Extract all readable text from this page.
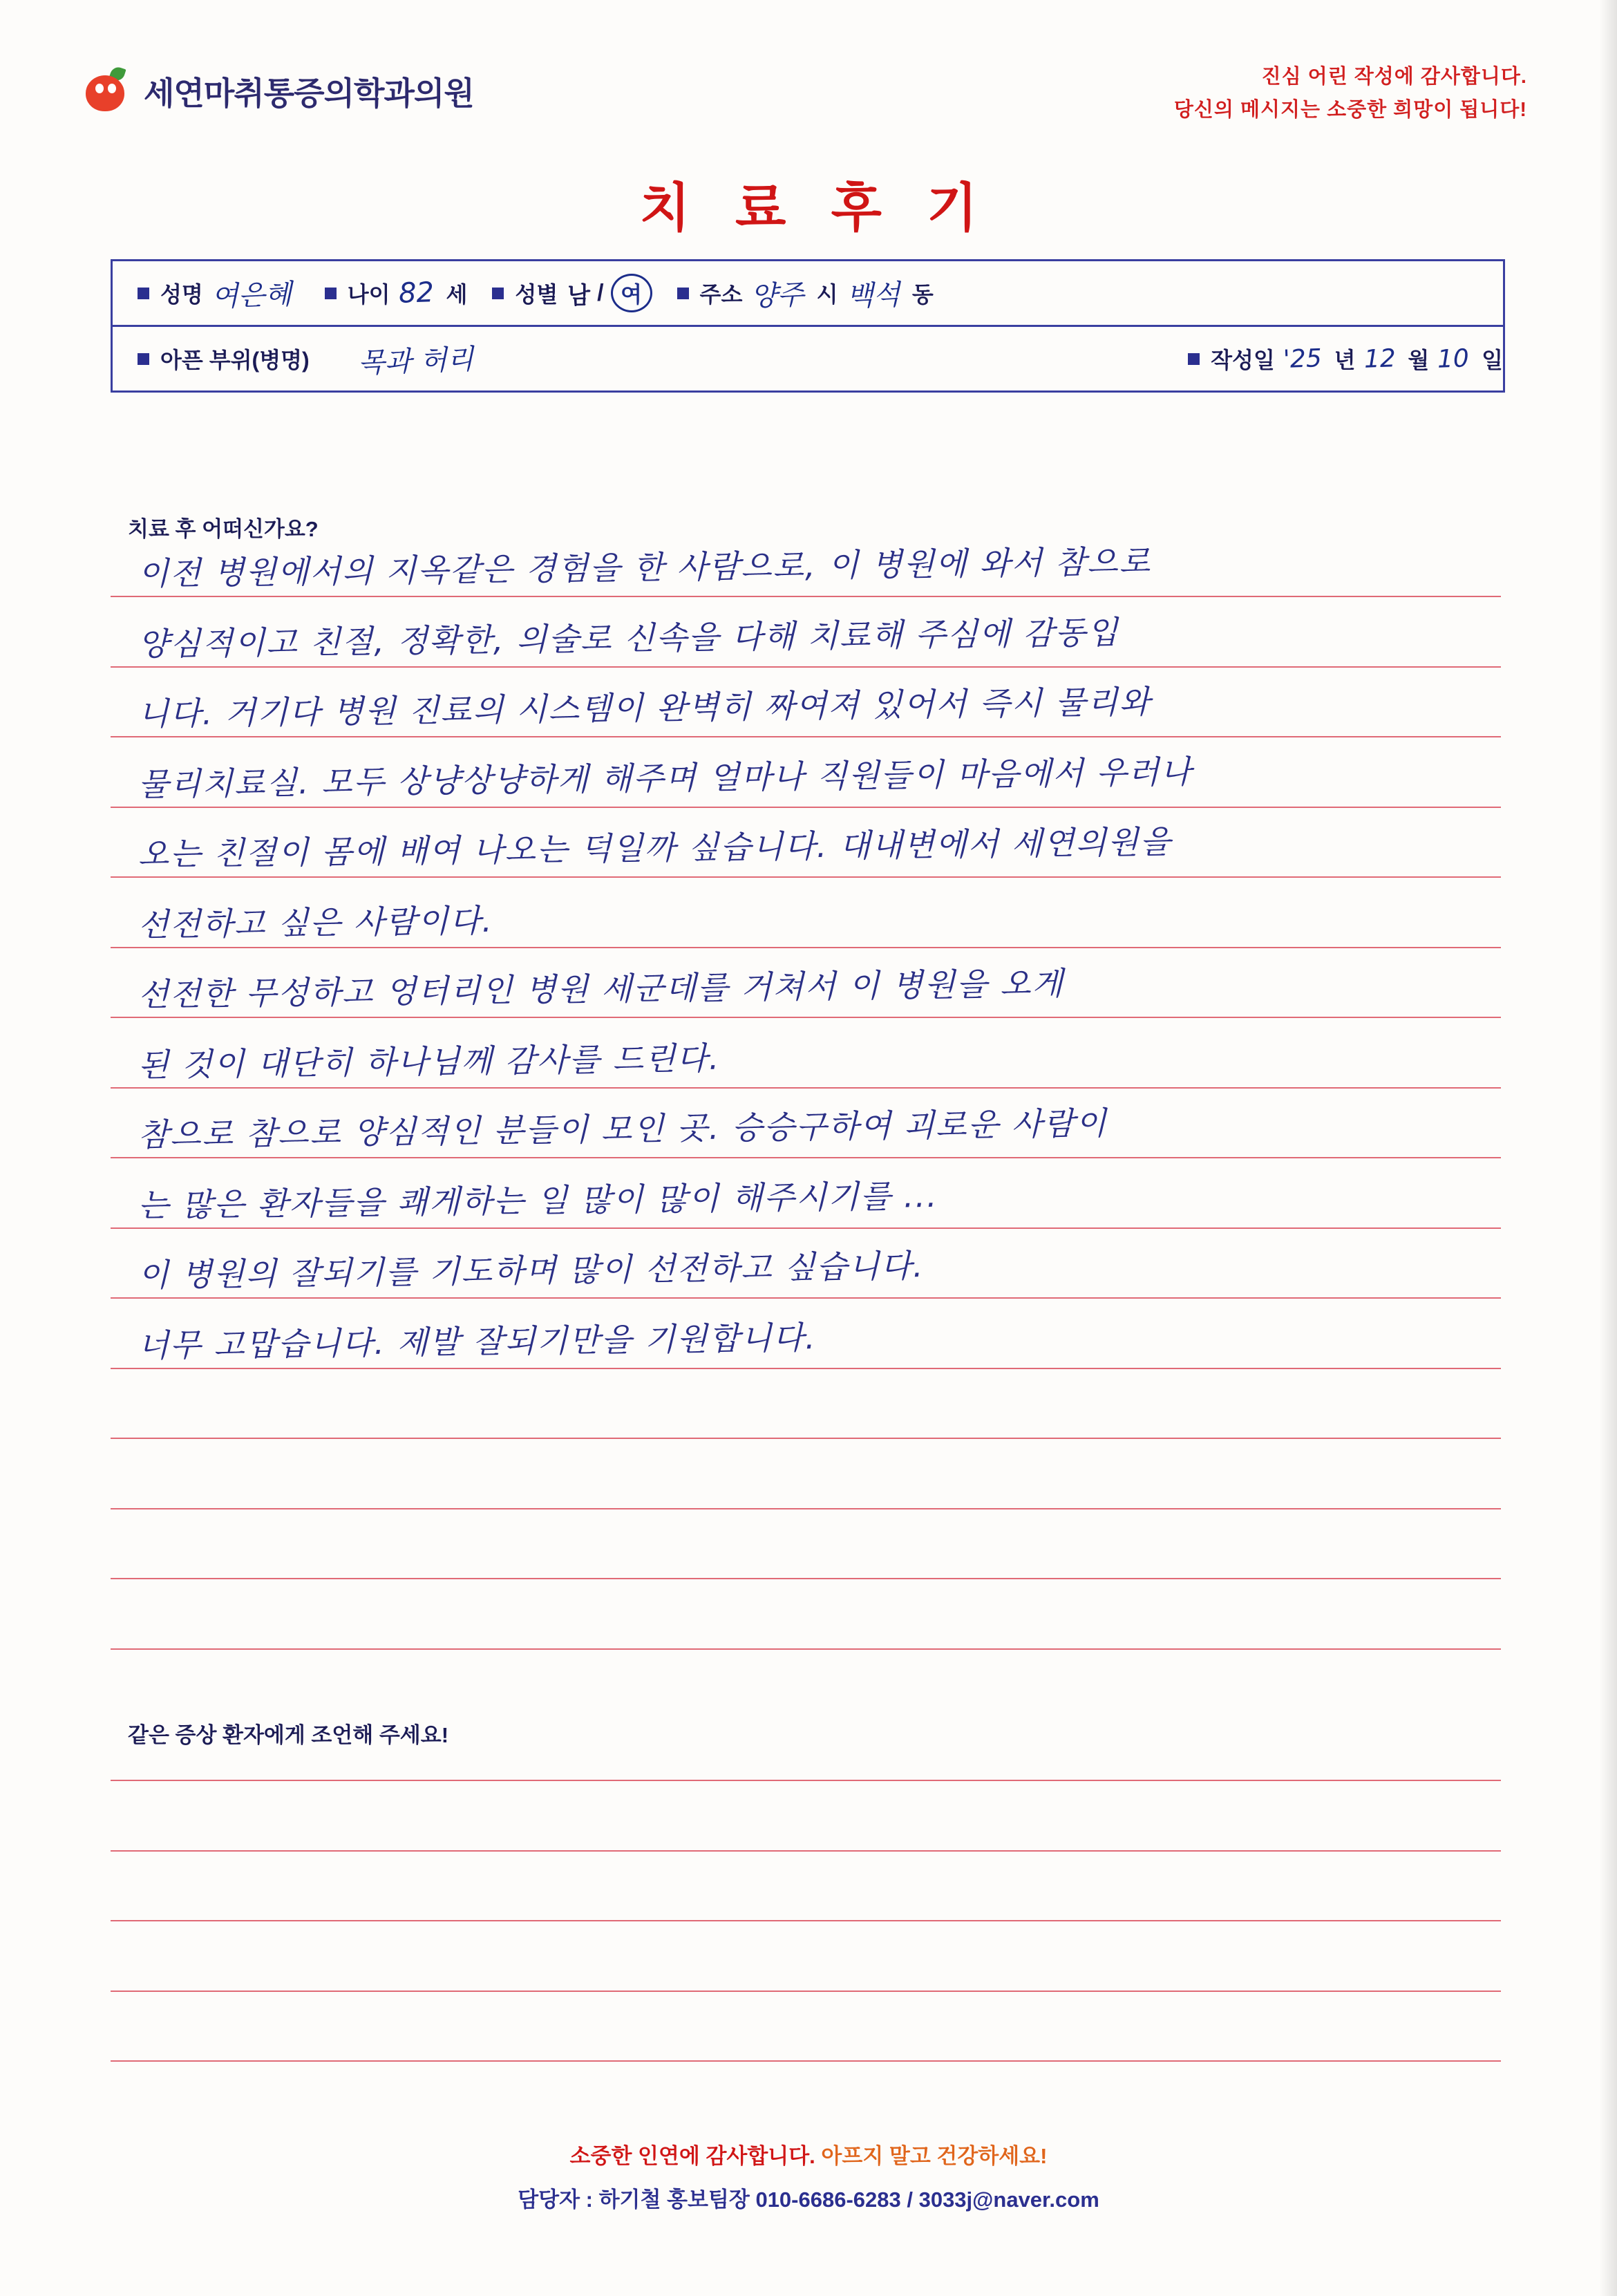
세연마취통증의학과의원	진심 어린 작성에 감사합니다.
당신의 메시지는 소중한 희망이 됩니다!
치 료 후 기
성명 여은혜	나이 82 세 성별 남 / 여	주소 양주 시 백석 동
아픈 부위(병명) 목과 허리	작성일 '25 년 12 월 10 일
치료 후 어떠신가요?
이전 병원에서의 지옥같은 경험을 한 사람으로, 이 병원에 와서 참으로
양심적이고 친절, 정확한, 의술로 신속을 다해 치료해 주심에 감동입
니다. 거기다 병원 진료의 시스템이 완벽히 짜여져 있어서 즉시 물리와
물리치료실. 모두 상냥상냥하게 해주며 얼마나 직원들이 마음에서 우러나
오는 친절이 몸에 배여 나오는 덕일까 싶습니다. 대내변에서 세연의원을
선전하고 싶은 사람이다.
선전한 무성하고 엉터리인 병원 세군데를 거쳐서 이 병원을 오게
된 것이 대단히 하나님께 감사를 드린다.
참으로 참으로 양심적인 분들이 모인 곳. 승승구하여 괴로운 사람이
는 많은 환자들을 쾌게하는 일 많이 많이 해주시기를 ...
이 병원의 잘되기를 기도하며 많이 선전하고 싶습니다.
너무 고맙습니다. 제발 잘되기만을 기원합니다.
같은 증상 환자에게 조언해 주세요!
소중한 인연에 감사합니다. 아프지 말고 건강하세요!
담당자 : 하기철 홍보팀장 010-6686-6283 / 3033j@naver.com
